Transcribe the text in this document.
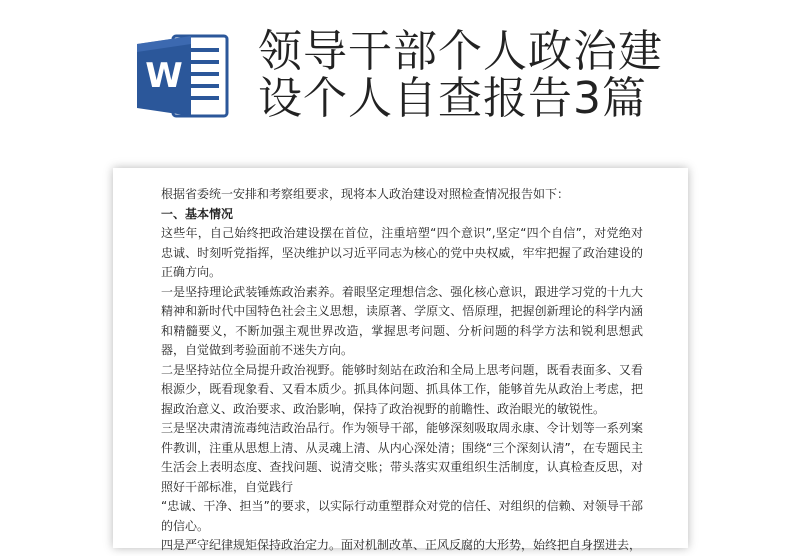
W 领导干部个人政治建
设个人自查报告3篇

根据省委统一安排和考察组要求，现将本人政治建设对照检查情况报告如下：

一、基本情况

这些年，自己始终把政治建设摆在首位，注重培塑“四个意识”,坚定“四个自信”，对党绝对忠诚、时刻听党指挥，坚决维护以习近平同志为核心的党中央权威，牢牢把握了政治建设的正确方向。

一是坚持理论武装锤炼政治素养。着眼坚定理想信念、强化核心意识，跟进学习党的十九大精神和新时代中国特色社会主义思想，读原著、学原文、悟原理，把握创新理论的科学内涵和精髓要义，不断加强主观世界改造，掌握思考问题、分析问题的科学方法和锐利思想武器，自觉做到考验面前不迷失方向。

二是坚持站位全局提升政治视野。能够时刻站在政治和全局上思考问题，既看表面多、又看根源少，既看现象看、又看本质少。抓具体问题、抓具体工作，能够首先从政治上考虑，把握政治意义、政治要求、政治影响，保持了政治视野的前瞻性、政治眼光的敏锐性。

三是坚决肃清流毒纯洁政治品行。作为领导干部，能够深刻吸取周永康、令计划等一系列案件教训，注重从思想上清、从灵魂上清、从内心深处清；围绕“三个深刻认清”，在专题民主生活会上表明态度、查找问题、说清交账；带头落实双重组织生活制度，认真检查反思，对照好干部标准，自觉践行

“忠诚、干净、担当”的要求，以实际行动重塑群众对党的信任、对组织的信赖、对领导干部的信心。

四是严守纪律规矩保持政治定力。面对机制改革、正风反腐的大形势，始终把自身摆进去，
